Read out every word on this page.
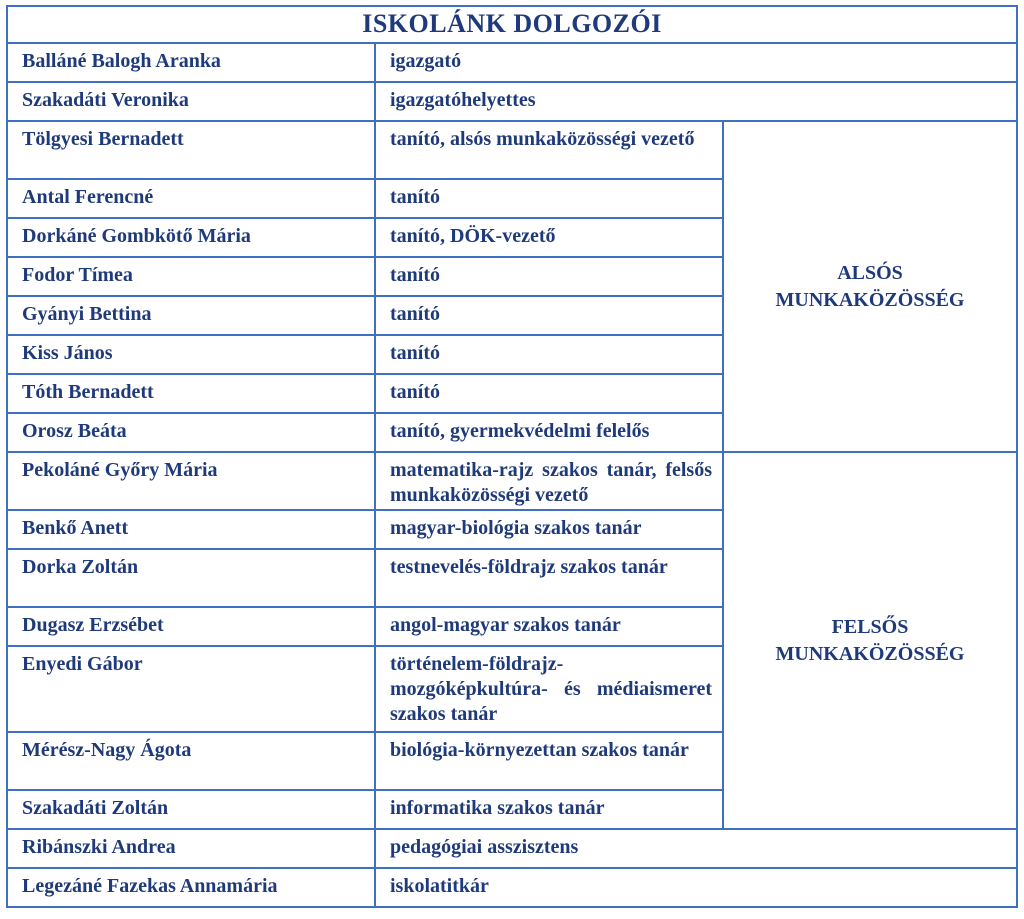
ISKOLÁNK DOLGOZÓI		
Balláné Balogh Aranka	igazgató	
Szakadáti Veronika	igazgatóhelyettes	
Tölgyesi Bernadett	tanító, alsós munkaközösségi vezető	ALSÓS
MUNKAKÖZÖSSÉG
Antal Ferencné	tanító	
Dorkáné Gombkötő Mária	tanító, DÖK-vezető	
Fodor Tímea	tanító	
Gyányi Bettina	tanító	
Kiss János	tanító	
Tóth Bernadett	tanító	
Orosz Beáta	tanító, gyermekvédelmi felelős	
Pekoláné Győry Mária	matematika-rajz szakos tanár, felsős munkaközösségi vezető	FELSŐS
MUNKAKÖZÖSSÉG
Benkő Anett	magyar-biológia szakos tanár	
Dorka Zoltán	testnevelés-földrajz szakos tanár	
Dugasz Erzsébet	angol-magyar szakos tanár	
Enyedi Gábor	történelem-földrajz-mozgóképkultúra- és médiaismeret szakos tanár	
Mérész-Nagy Ágota	biológia-környezettan szakos tanár	
Szakadáti Zoltán	informatika szakos tanár	
Ribánszki Andrea	pedagógiai asszisztens	
Legezáné Fazekas Annamária	iskolatitkár	
